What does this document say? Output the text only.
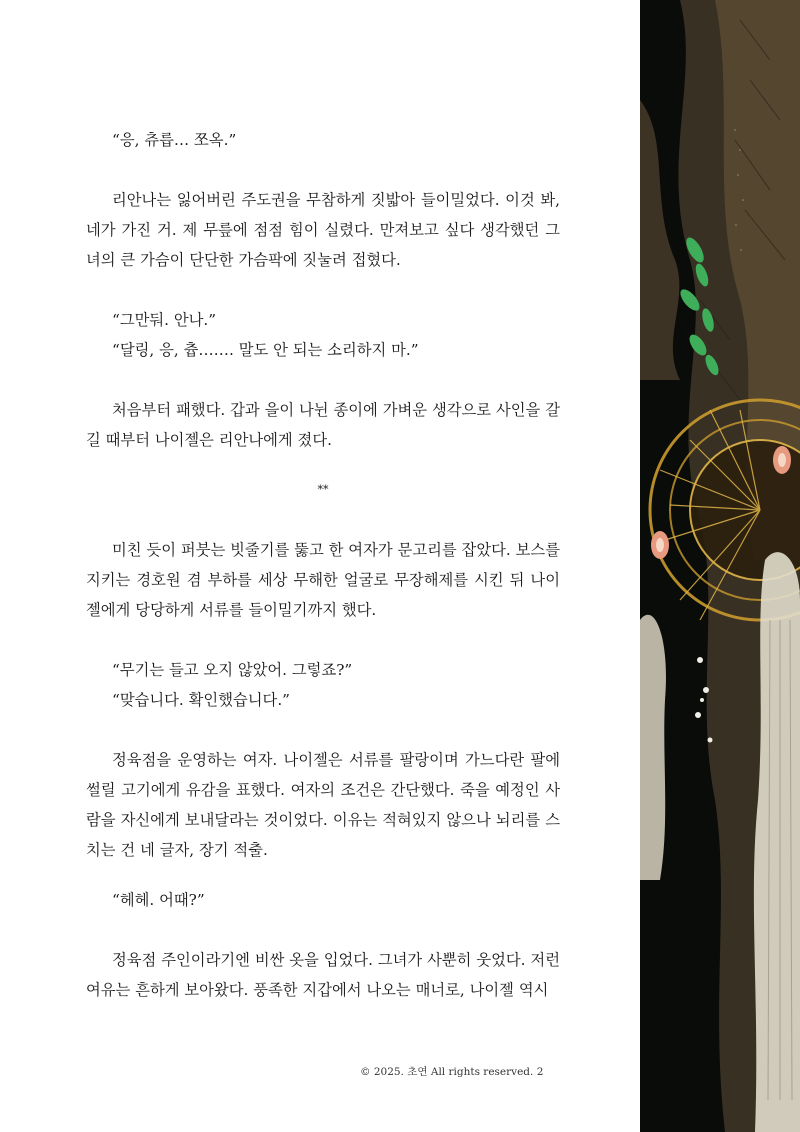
“응, 츄릅… 쪼옥.”

리안나는 잃어버린 주도권을 무참하게 짓밟아 들이밀었다. 이것 봐, 네가 가진 거. 제 무릎에 점점 힘이 실렸다. 만져보고 싶다 생각했던 그녀의 큰 가슴이 단단한 가슴팍에 짓눌려 접혔다.

“그만둬. 안나.”

“달링, 응, 츕……. 말도 안 되는 소리하지 마.”

처음부터 패했다. 갑과 을이 나뉜 종이에 가벼운 생각으로 사인을 갈길 때부터 나이젤은 리안나에게 졌다.

**

미친 듯이 퍼붓는 빗줄기를 뚫고 한 여자가 문고리를 잡았다. 보스를 지키는 경호원 겸 부하를 세상 무해한 얼굴로 무장해제를 시킨 뒤 나이젤에게 당당하게 서류를 들이밀기까지 했다.

“무기는 들고 오지 않았어. 그렇죠?”

“맞습니다. 확인했습니다.”

정육점을 운영하는 여자. 나이젤은 서류를 팔랑이며 가느다란 팔에 썰릴 고기에게 유감을 표했다. 여자의 조건은 간단했다. 죽을 예정인 사람을 자신에게 보내달라는 것이었다. 이유는 적혀있지 않으나 뇌리를 스치는 건 네 글자, 장기 적출.

“헤헤. 어때?”

정육점 주인이라기엔 비싼 옷을 입었다. 그녀가 사뿐히 웃었다. 저런 여유는 흔하게 보아왔다. 풍족한 지갑에서 나오는 매너로, 나이젤 역시

© 2025. 초연 All rights reserved. 2
